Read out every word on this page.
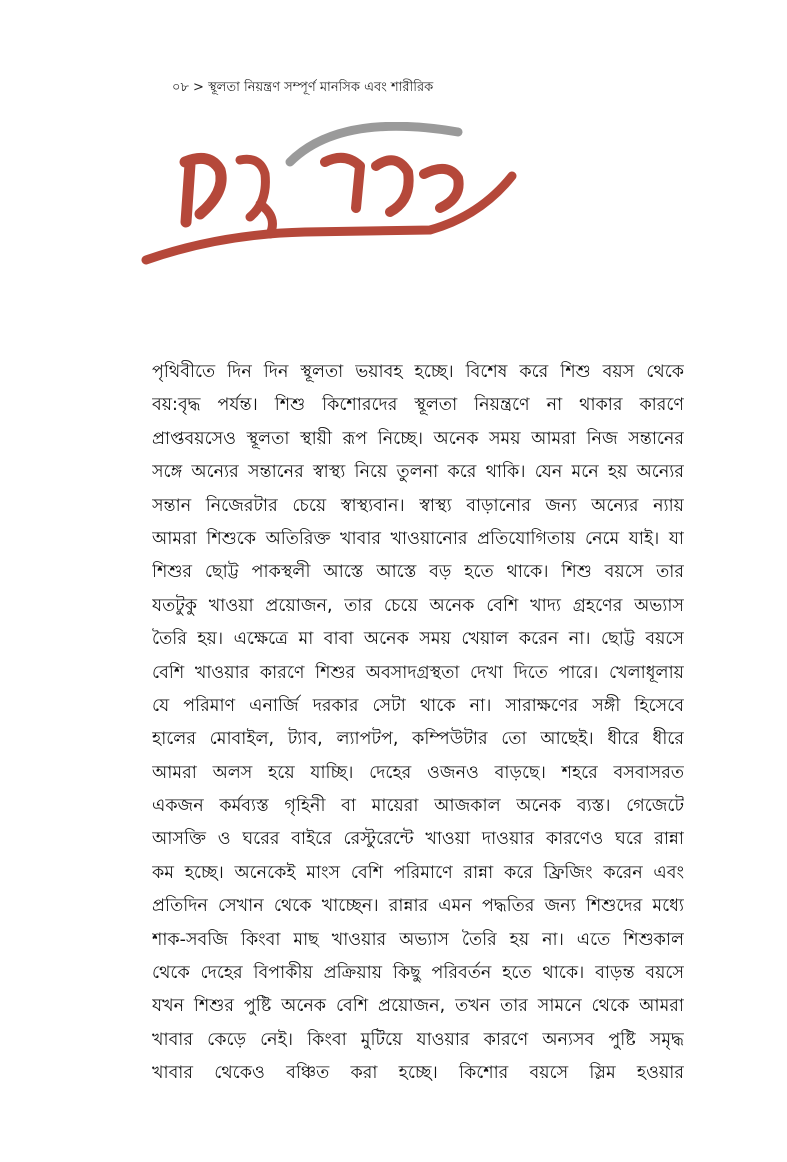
০৮ > স্থূলতা নিয়ন্ত্রণ সম্পূর্ণ মানসিক এবং শারীরিক
প্রারম্ভ
পৃথিবীতে দিন দিন স্থূলতা ভয়াবহ হচ্ছে। বিশেষ করে শিশু বয়স থেকে
বয়:বৃদ্ধ পর্যন্ত। শিশু কিশোরদের স্থূলতা নিয়ন্ত্রণে না থাকার কারণে
প্রাপ্তবয়সেও স্থূলতা স্থায়ী রূপ নিচ্ছে। অনেক সময় আমরা নিজ সন্তানের
সঙ্গে অন্যের সন্তানের স্বাস্থ্য নিয়ে তুলনা করে থাকি। যেন মনে হয় অন্যের
সন্তান নিজেরটার চেয়ে স্বাস্থ্যবান। স্বাস্থ্য বাড়ানোর জন্য অন্যের ন্যায়
আমরা শিশুকে অতিরিক্ত খাবার খাওয়ানোর প্রতিযোগিতায় নেমে যাই। যা
শিশুর ছোট্ট পাকস্থলী আস্তে আস্তে বড় হতে থাকে। শিশু বয়সে তার
যতটুকু খাওয়া প্রয়োজন, তার চেয়ে অনেক বেশি খাদ্য গ্রহণের অভ্যাস
তৈরি হয়। এক্ষেত্রে মা বাবা অনেক সময় খেয়াল করেন না। ছোট্ট বয়সে
বেশি খাওয়ার কারণে শিশুর অবসাদগ্রস্থতা দেখা দিতে পারে। খেলাধূলায়
যে পরিমাণ এনার্জি দরকার সেটা থাকে না। সারাক্ষণের সঙ্গী হিসেবে
হালের মোবাইল, ট্যাব, ল্যাপটপ, কম্পিউটার তো আছেই। ধীরে ধীরে
আমরা অলস হয়ে যাচ্ছি। দেহের ওজনও বাড়ছে। শহরে বসবাসরত
একজন কর্মব্যস্ত গৃহিনী বা মায়েরা আজকাল অনেক ব্যস্ত। গেজেটে
আসক্তি ও ঘরের বাইরে রেস্টুরেন্টে খাওয়া দাওয়ার কারণেও ঘরে রান্না
কম হচ্ছে। অনেকেই মাংস বেশি পরিমাণে রান্না করে ফ্রিজিং করেন এবং
প্রতিদিন সেখান থেকে খাচ্ছেন। রান্নার এমন পদ্ধতির জন্য শিশুদের মধ্যে
শাক-সবজি কিংবা মাছ খাওয়ার অভ্যাস তৈরি হয় না। এতে শিশুকাল
থেকে দেহের বিপাকীয় প্রক্রিয়ায় কিছু পরিবর্তন হতে থাকে। বাড়ন্ত বয়সে
যখন শিশুর পুষ্টি অনেক বেশি প্রয়োজন, তখন তার সামনে থেকে আমরা
খাবার কেড়ে নেই। কিংবা মুটিয়ে যাওয়ার কারণে অন্যসব পুষ্টি সমৃদ্ধ
খাবার থেকেও বঞ্চিত করা হচ্ছে। কিশোর বয়সে স্লিম হওয়ার
